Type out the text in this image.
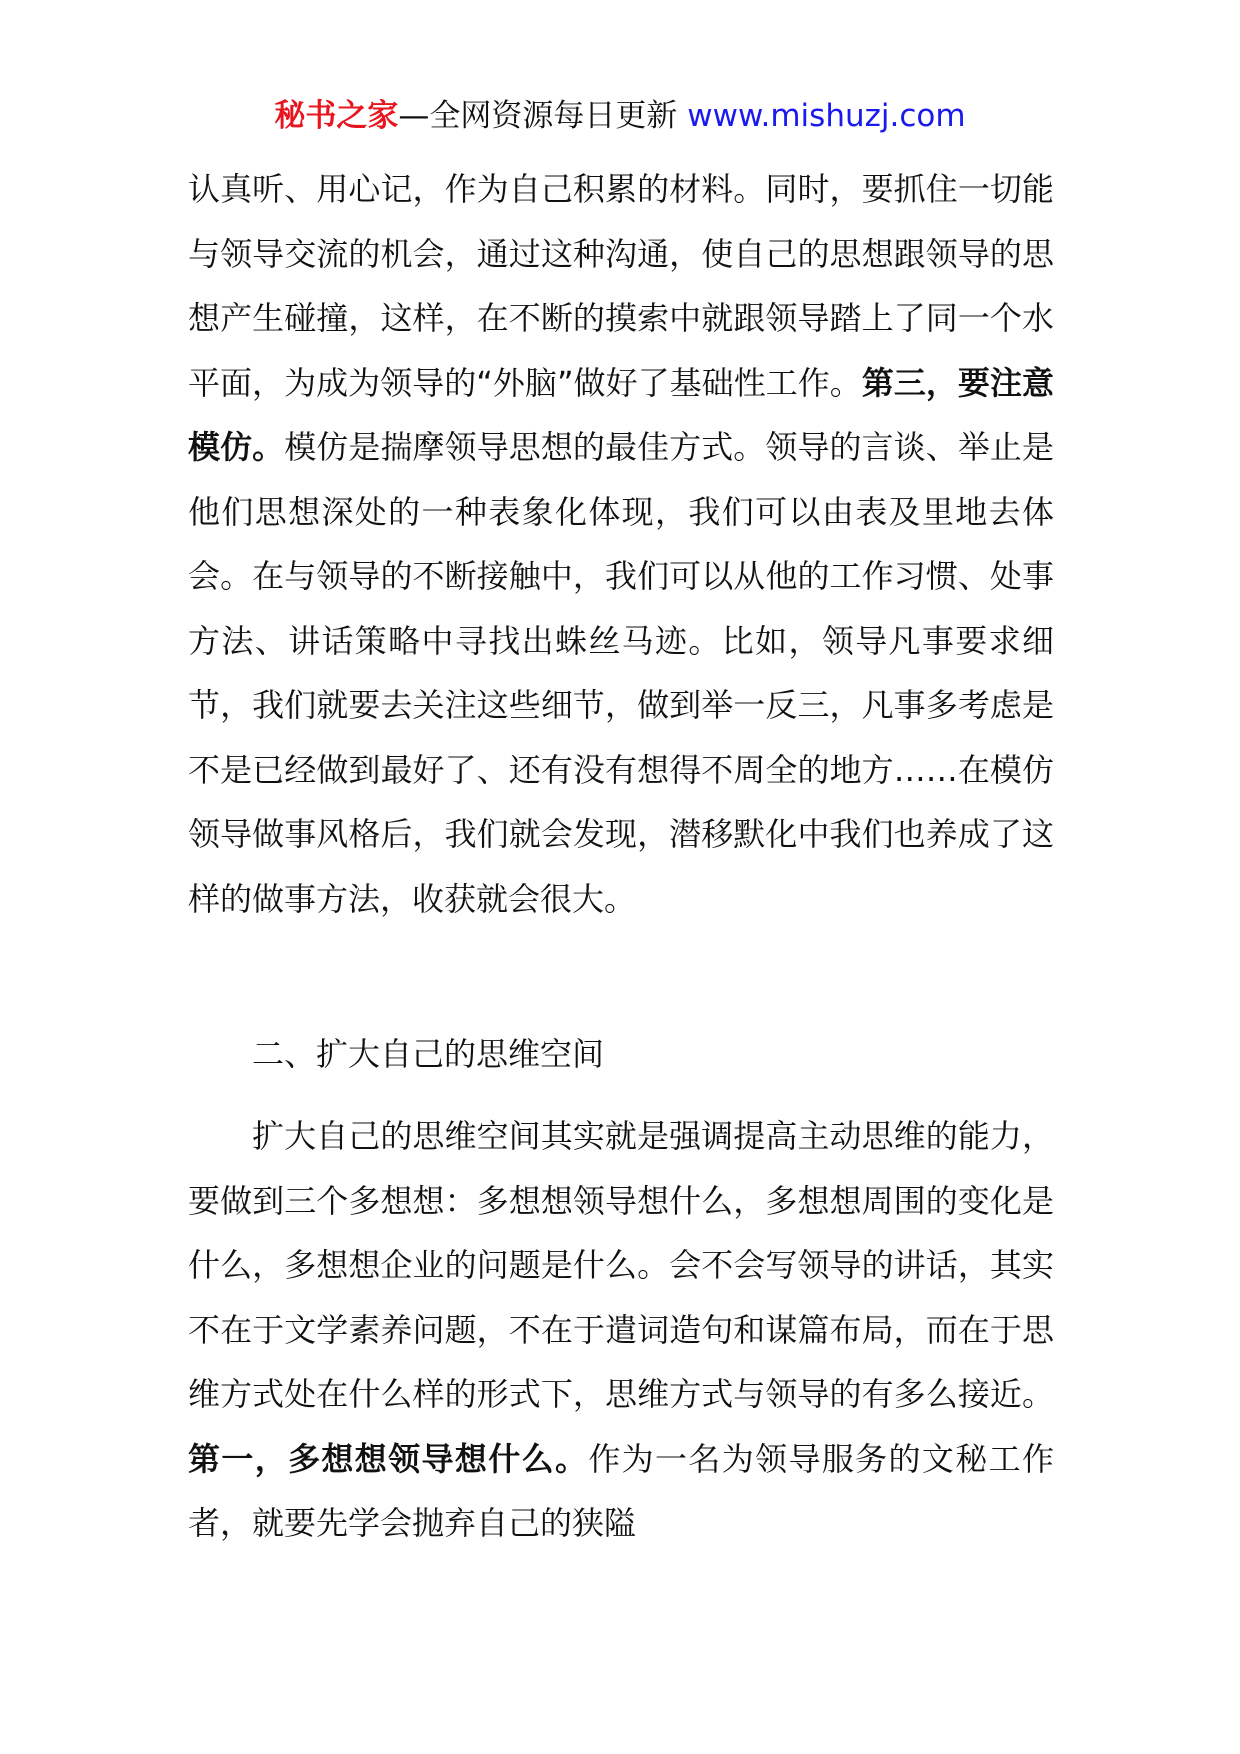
秘书之家—全网资源每日更新 www.mishuzj.com
认真听、用心记，作为自己积累的材料。同时，要抓住一切能与领导交流的机会，通过这种沟通，使自己的思想跟领导的思想产生碰撞，这样，在不断的摸索中就跟领导踏上了同一个水平面，为成为领导的“外脑”做好了基础性工作。第三，要注意模仿。模仿是揣摩领导思想的最佳方式。领导的言谈、举止是他们思想深处的一种表象化体现，我们可以由表及里地去体会。在与领导的不断接触中，我们可以从他的工作习惯、处事方法、讲话策略中寻找出蛛丝马迹。比如，领导凡事要求细节，我们就要去关注这些细节，做到举一反三，凡事多考虑是不是已经做到最好了、还有没有想得不周全的地方……在模仿领导做事风格后，我们就会发现，潜移默化中我们也养成了这样的做事方法，收获就会很大。
二、扩大自己的思维空间
扩大自己的思维空间其实就是强调提高主动思维的能力，要做到三个多想想：多想想领导想什么，多想想周围的变化是什么，多想想企业的问题是什么。会不会写领导的讲话，其实不在于文学素养问题，不在于遣词造句和谋篇布局，而在于思维方式处在什么样的形式下，思维方式与领导的有多么接近。第一，多想想领导想什么。作为一名为领导服务的文秘工作者，就要先学会抛弃自己的狭隘
